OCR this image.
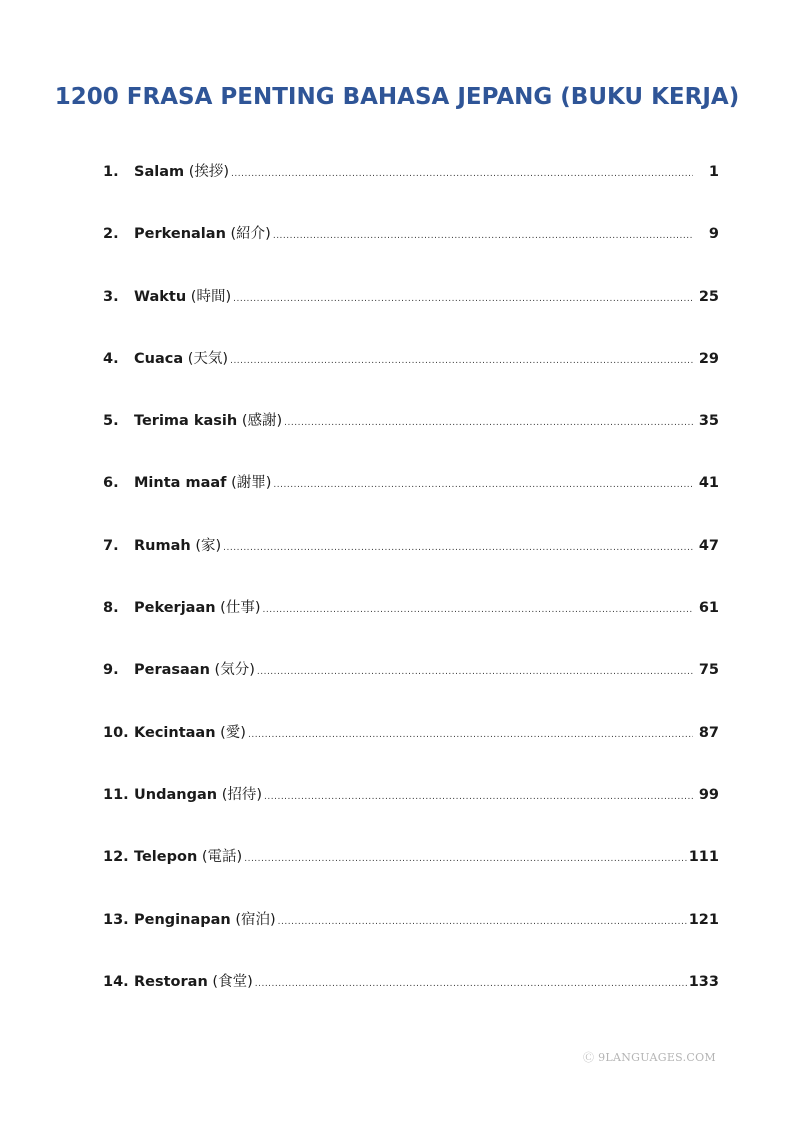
1200 FRASA PENTING BAHASA JEPANG (BUKU KERJA)
1.	Salam (挨拶) .....	1
2.	Perkenalan (紹介) .....	9
3.	Waktu (時間) .....	25
4.	Cuaca (天気) .....	29
5.	Terima kasih (感謝) .....	35
6.	Minta maaf (謝罪) .....	41
7.	Rumah (家) .....	47
8.	Pekerjaan (仕事) .....	61
9.	Perasaan (気分) .....	75
10. Kecintaan (愛) .....	87
11. Undangan (招待) .....	99
12. Telepon (電話) .....	111
13. Penginapan (宿泊) .....	121
14. Restoran (食堂) .....	133
Ⓒ 9LANGUAGES.COM
